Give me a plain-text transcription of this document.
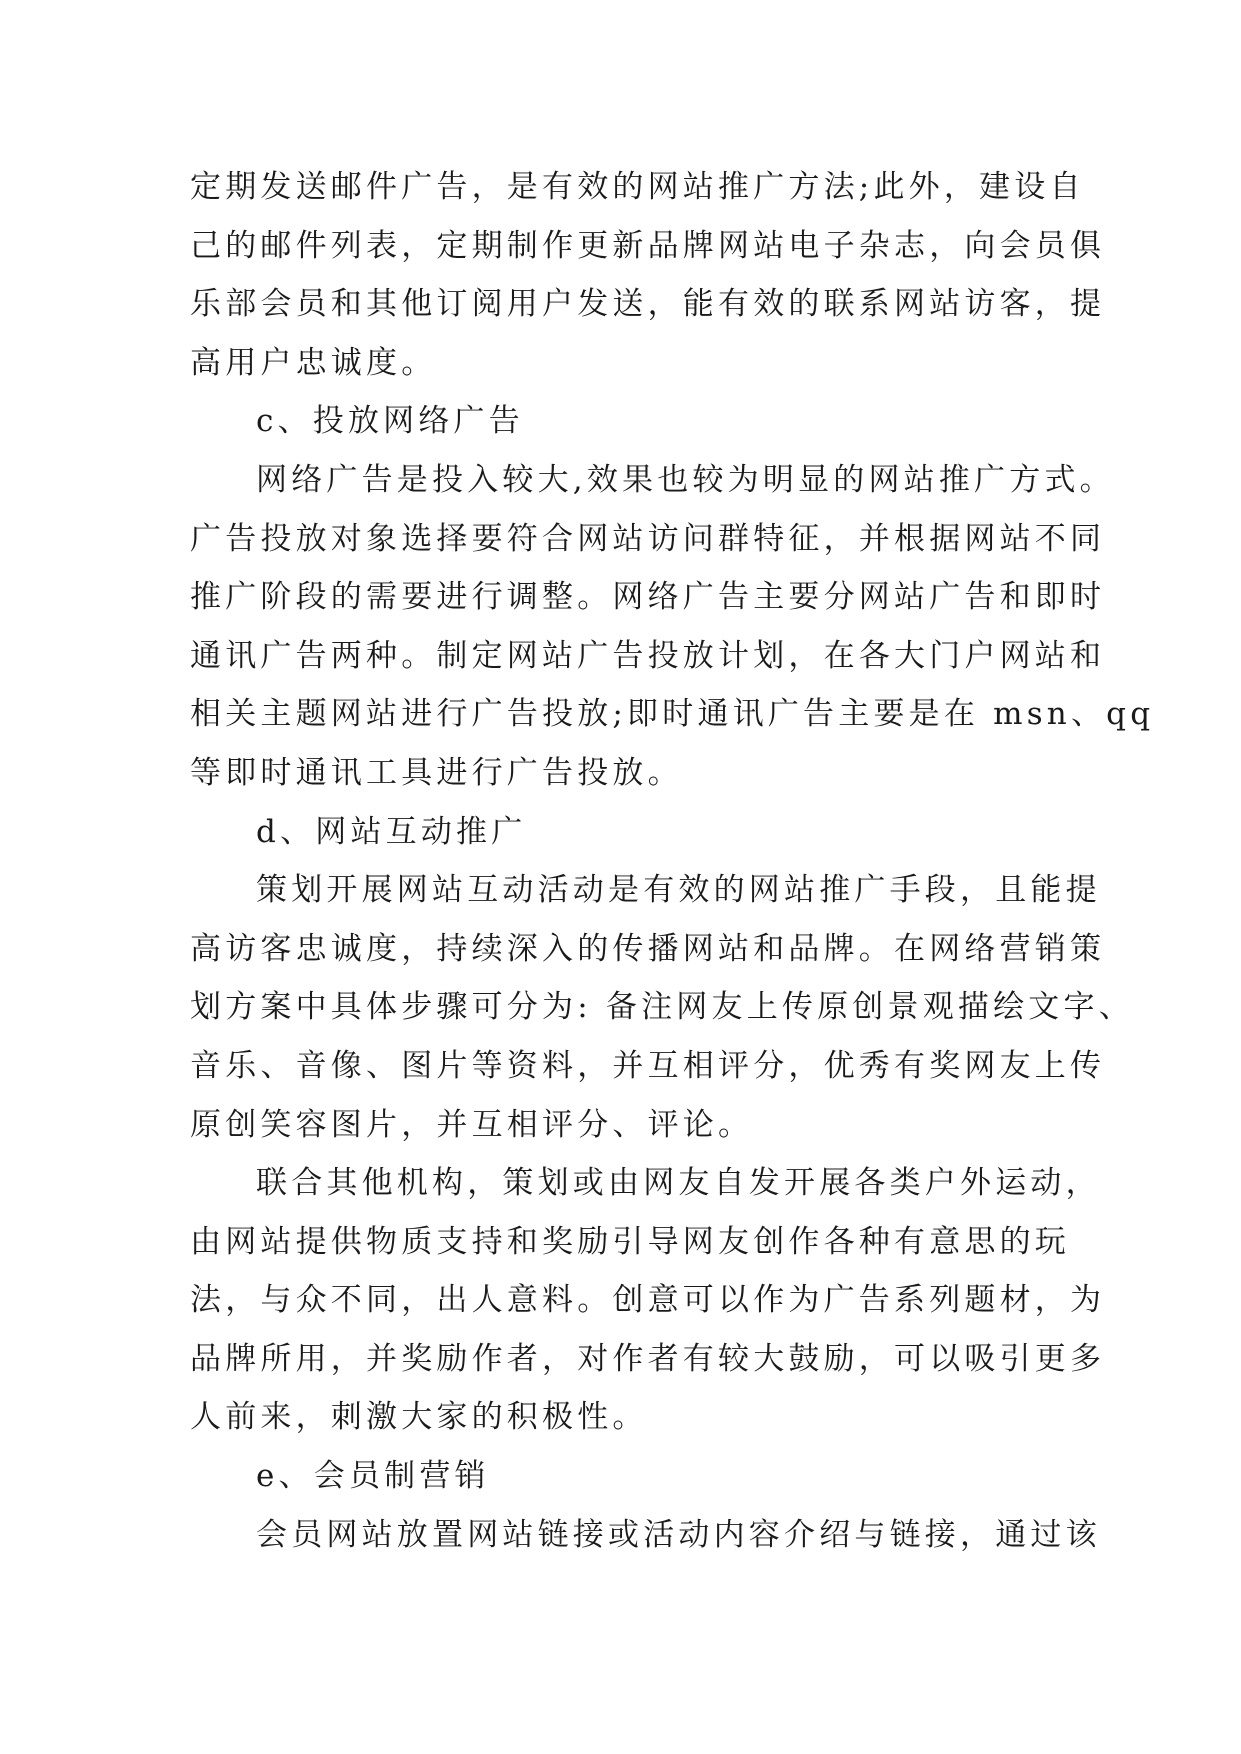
定期发送邮件广告，是有效的网站推广方法;此外，建设自
己的邮件列表，定期制作更新品牌网站电子杂志，向会员俱
乐部会员和其他订阅用户发送，能有效的联系网站访客，提
高用户忠诚度。
c、投放网络广告
网络广告是投入较大,效果也较为明显的网站推广方式。
广告投放对象选择要符合网站访问群特征，并根据网站不同
推广阶段的需要进行调整。网络广告主要分网站广告和即时
通讯广告两种。制定网站广告投放计划，在各大门户网站和
相关主题网站进行广告投放;即时通讯广告主要是在 msn、qq
等即时通讯工具进行广告投放。
d、网站互动推广
策划开展网站互动活动是有效的网站推广手段，且能提
高访客忠诚度，持续深入的传播网站和品牌。在网络营销策
划方案中具体步骤可分为: 备注网友上传原创景观描绘文字、
音乐、音像、图片等资料，并互相评分，优秀有奖网友上传
原创笑容图片，并互相评分、评论。
联合其他机构，策划或由网友自发开展各类户外运动，
由网站提供物质支持和奖励引导网友创作各种有意思的玩
法，与众不同，出人意料。创意可以作为广告系列题材，为
品牌所用，并奖励作者，对作者有较大鼓励，可以吸引更多
人前来，刺激大家的积极性。
e、会员制营销
会员网站放置网站链接或活动内容介绍与链接，通过该
